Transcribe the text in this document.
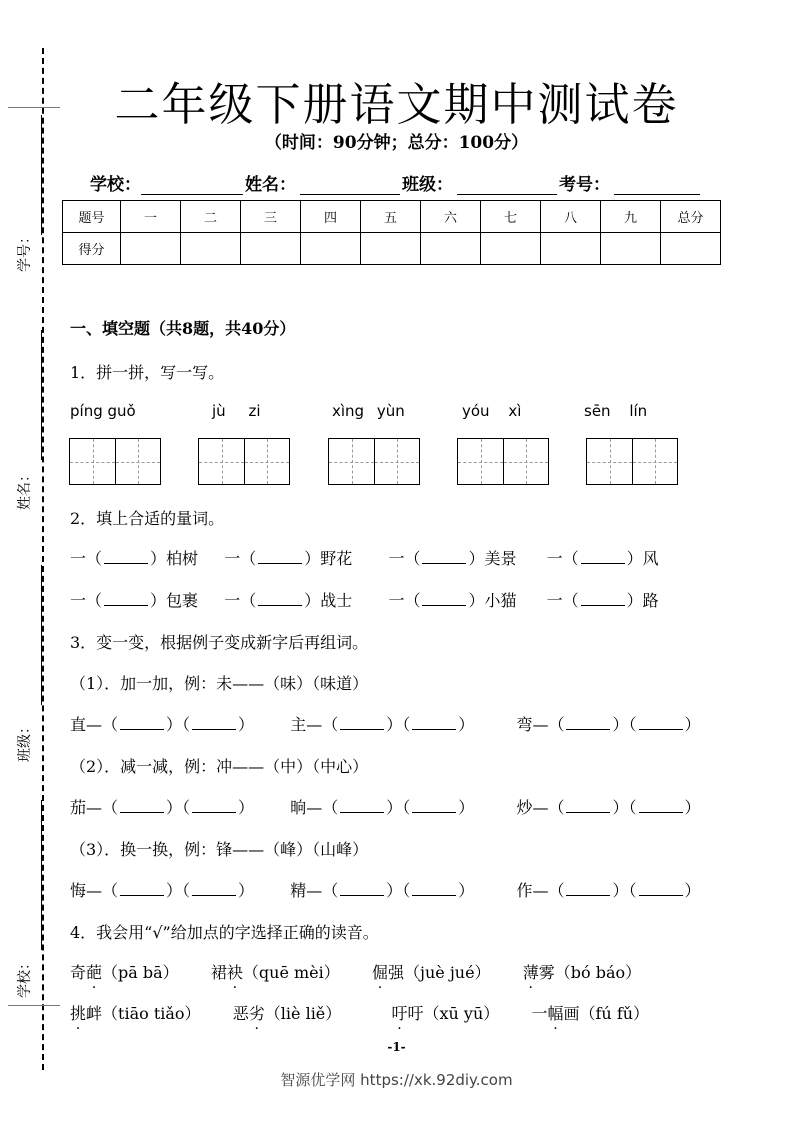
学号：
姓名：
班级：
学校：
二年级下册语文期中测试卷
（时间：90分钟；总分：100分）
学校：	姓名：	班级：	考号：
题号	一	二	三	四	五	六	七	八	九	总分
得分										
一、填空题（共8题，共40分）
1．拼一拼，写一写。
píng guǒ	jù zi	xìng yùn	yóu xì	sēn lín
2．填上合适的量词。
一（	）柏树 一（	）野花 一（	）美景 一（	）风
一（	）包裹 一（	）战士 一（	）小猫 一（	）路
3．变一变，根据例子变成新字后再组词。
（1）．加一加，例：未——（味）（味道）
直—（	）（	） 主—（	）（	）	弯—（	）（	）
（2）．减一减，例：冲——（中）（中心）
茄—（	）（	） 晌—（	）（	）	炒—（	）（	）
（3）．换一换，例：锋——（峰）（山峰）
悔—（	）（	） 精—（	）（	）	作—（	）（	）
4．我会用“√”给加点的字选择正确的读音。
奇葩（pā bā） 裙袂（quē mèi） 倔强（juè jué） 薄雾（bó báo）
挑衅（tiāo tiǎo） 恶劣（liè liě）	吁吁（xū yū） 一幅画（fú fǔ）
-1-
智源优学网 https://xk.92diy.com
